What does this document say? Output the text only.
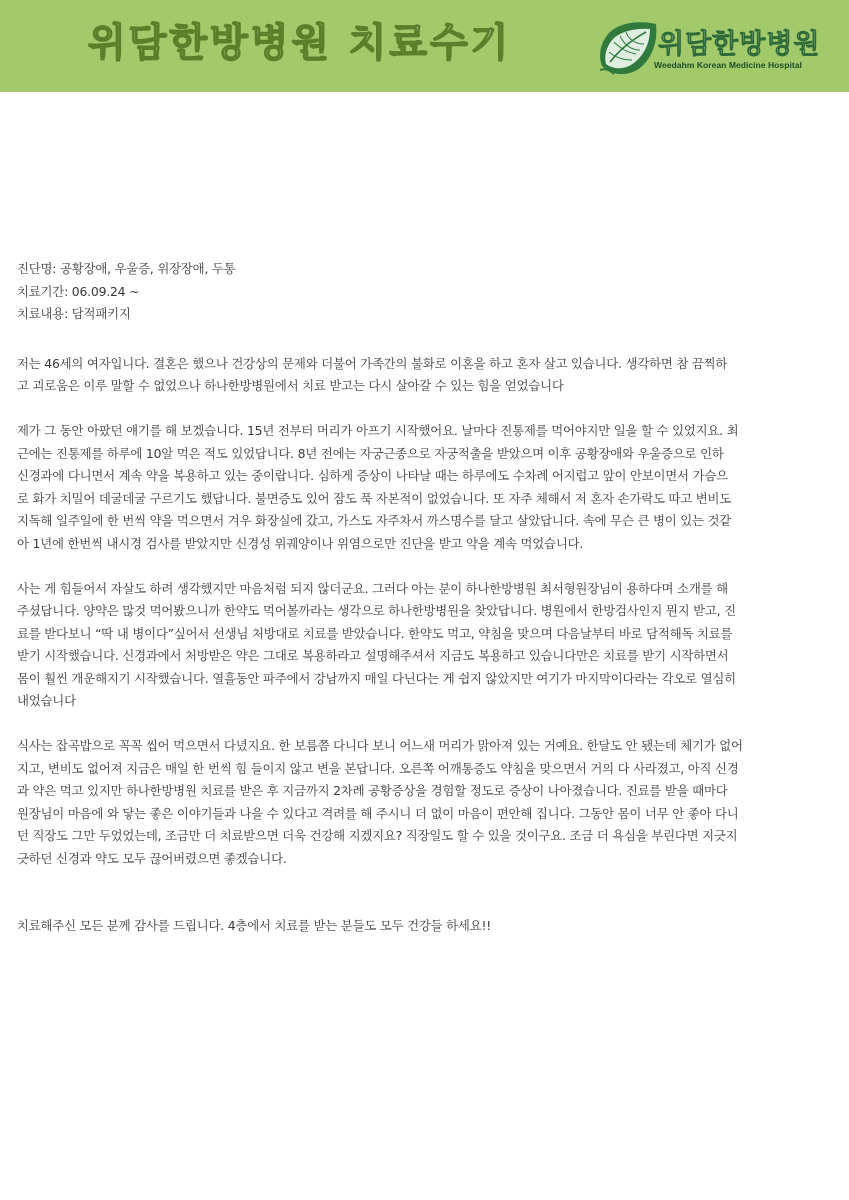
위담한방병원 치료수기	위담한방병원
Weedahm Korean Medicine Hospital
진단명: 공황장애, 우울증, 위장장애, 두통
치료기간: 06.09.24 ~
치료내용: 담적패키지
저는 46세의 여자입니다. 결혼은 했으나 건강상의 문제와 더불어 가족간의 불화로 이혼을 하고 혼자 살고 있습니다. 생각하면 참 끔찍하
고 괴로움은 이루 말할 수 없었으나 하나한방병원에서 치료 받고는 다시 살아갈 수 있는 힘을 얻었습니다
제가 그 동안 아팠던 얘기를 해 보겠습니다. 15년 전부터 머리가 아프기 시작했어요. 날마다 진통제를 먹어야지만 일을 할 수 있었지요. 최
근에는 진통제를 하루에 10알 먹은 적도 있었답니다. 8년 전에는 자궁근종으로 자궁적출을 받았으며 이후 공황장애와 우울증으로 인하
신경과에 다니면서 계속 약을 복용하고 있는 중이랍니다. 심하게 증상이 나타날 때는 하루에도 수차례 어지럽고 앞이 안보이면서 가슴으
로 화가 치밀어 데굴데굴 구르기도 했답니다. 불면증도 있어 잠도 푹 자본적이 없었습니다. 또 자주 체해서 저 혼자 손가락도 따고 변비도
지독해 일주일에 한 번씩 약을 먹으면서 겨우 화장실에 갔고, 가스도 자주차서 까스명수를 달고 살았답니다. 속에 무슨 큰 병이 있는 것같
아 1년에 한번씩 내시경 검사를 받았지만 신경성 위궤양이나 위염으로만 진단을 받고 약을 계속 먹었습니다.
사는 게 힘들어서 자살도 하려 생각했지만 마음처럼 되지 않더군요. 그러다 아는 분이 하나한방병원 최서형원장님이 용하다며 소개를 해
주셨답니다. 양약은 많것 먹어봤으니까 한약도 먹어볼까라는 생각으로 하나한방병원을 찾았답니다. 병원에서 한방검사인지 뭔지 받고, 진
료를 받다보니 “딱 내 병이다”싶어서 선생님 처방대로 치료를 받았습니다. 한약도 먹고, 약침을 맞으며 다음날부터 바로 담적해독 치료를
받기 시작했습니다. 신경과에서 처방받은 약은 그대로 복용하라고 설명해주셔서 지금도 복용하고 있습니다만은 치료를 받기 시작하면서
몸이 훨씬 개운해지기 시작했습니다. 열흘동안 파주에서 강남까지 매일 다닌다는 게 쉽지 않았지만 여기가 마지막이다라는 각오로 열심히
내었습니다
식사는 잡곡밥으로 꼭꼭 씹어 먹으면서 다녔지요. 한 보름쯤 다니다 보니 어느새 머리가 맑아져 있는 거예요. 한달도 안 됐는데 체기가 없어
지고, 변비도 없어져 지금은 매일 한 번씩 힘 들이지 않고 변을 본답니다. 오른쪽 어깨통증도 약침을 맞으면서 거의 다 사라졌고, 아직 신경
과 약은 먹고 있지만 하나한방병원 치료를 받은 후 지금까지 2차례 공황증상을 경험할 정도로 증상이 나아졌습니다. 진료를 받을 때마다
원장님이 마음에 와 닿는 좋은 이야기들과 나을 수 있다고 격려를 해 주시니 더 없이 마음이 편안해 집니다. 그동안 몸이 너무 안 좋아 다니
던 직장도 그만 두었었는데, 조금만 더 치료받으면 더욱 건강해 지겠지요? 직장일도 할 수 있을 것이구요. 조금 더 욕심을 부린다면 지긋지
긋하던 신경과 약도 모두 끊어버렸으면 좋겠습니다.
치료해주신 모든 분께 감사를 드립니다. 4층에서 치료를 받는 분들도 모두 건강들 하세요!!
